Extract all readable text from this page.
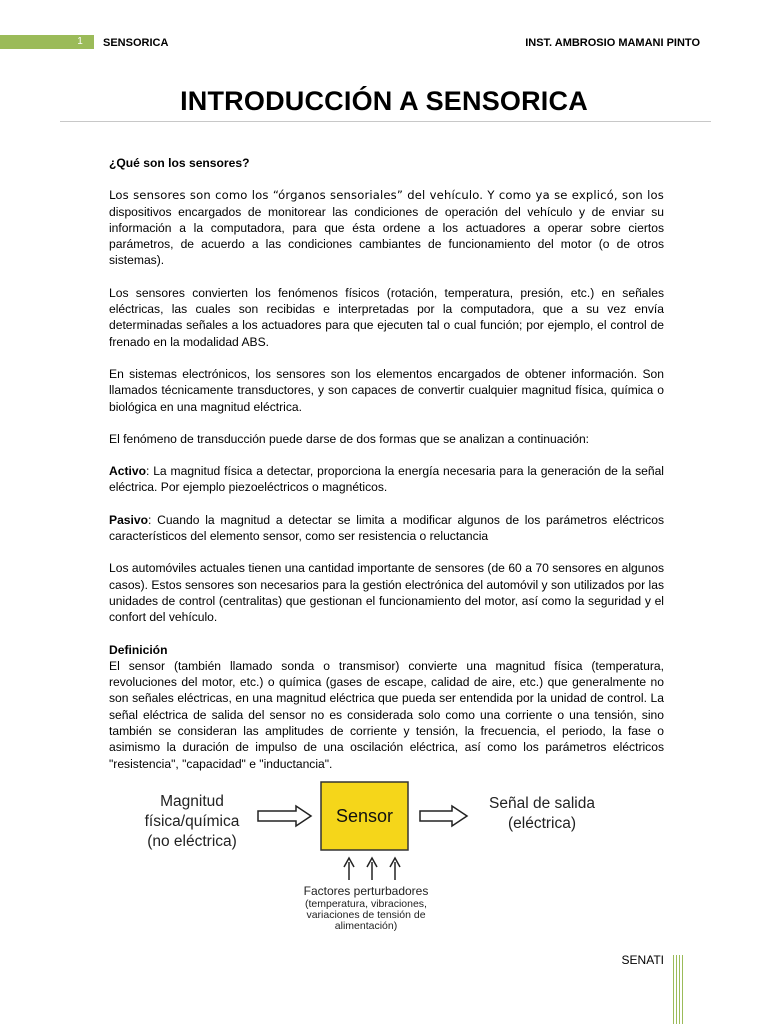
1	SENSORICA	INST. AMBROSIO MAMANI PINTO
INTRODUCCIÓN A SENSORICA

¿Qué son los sensores?

Los sensores son como los “órganos sensoriales” del vehículo. Y como ya se explicó, son los dispositivos encargados de monitorear las condiciones de operación del vehículo y de enviar su información a la computadora, para que ésta ordene a los actuadores a operar sobre ciertos parámetros, de acuerdo a las condiciones cambiantes de funcionamiento del motor (o de otros sistemas).

Los sensores convierten los fenómenos físicos (rotación, temperatura, presión, etc.) en señales eléctricas, las cuales son recibidas e interpretadas por la computadora, que a su vez envía determinadas señales a los actuadores para que ejecuten tal o cual función; por ejemplo, el control de frenado en la modalidad ABS.

En sistemas electrónicos, los sensores son los elementos encargados de obtener información. Son llamados técnicamente transductores, y son capaces de convertir cualquier magnitud física, química o biológica en una magnitud eléctrica.

El fenómeno de transducción puede darse de dos formas que se analizan a continuación:

Activo: La magnitud física a detectar, proporciona la energía necesaria para la generación de la señal eléctrica. Por ejemplo piezoeléctricos o magnéticos.

Pasivo: Cuando la magnitud a detectar se limita a modificar algunos de los parámetros eléctricos característicos del elemento sensor, como ser resistencia o reluctancia

Los automóviles actuales tienen una cantidad importante de sensores (de 60 a 70 sensores en algunos casos). Estos sensores son necesarios para la gestión electrónica del automóvil y son utilizados por las unidades de control (centralitas) que gestionan el funcionamiento del motor, así como la seguridad y el confort del vehículo.

Definición

El sensor (también llamado sonda o transmisor) convierte una magnitud física (temperatura, revoluciones del motor, etc.) o química (gases de escape, calidad de aire, etc.) que generalmente no son señales eléctricas, en una magnitud eléctrica que pueda ser entendida por la unidad de control. La señal eléctrica de salida del sensor no es considerada solo como una corriente o una tensión, sino también se consideran las amplitudes de corriente y tensión, la frecuencia, el periodo, la fase o asimismo la duración de impulso de una oscilación eléctrica, así como los parámetros eléctricos "resistencia", "capacidad" e "inductancia".

Magnitud
física/química
(no eléctrica)
Sensor
Señal de salida
(eléctrica)
Factores perturbadores
(temperatura, vibraciones,
variaciones de tensión de
alimentación)
SENATI
